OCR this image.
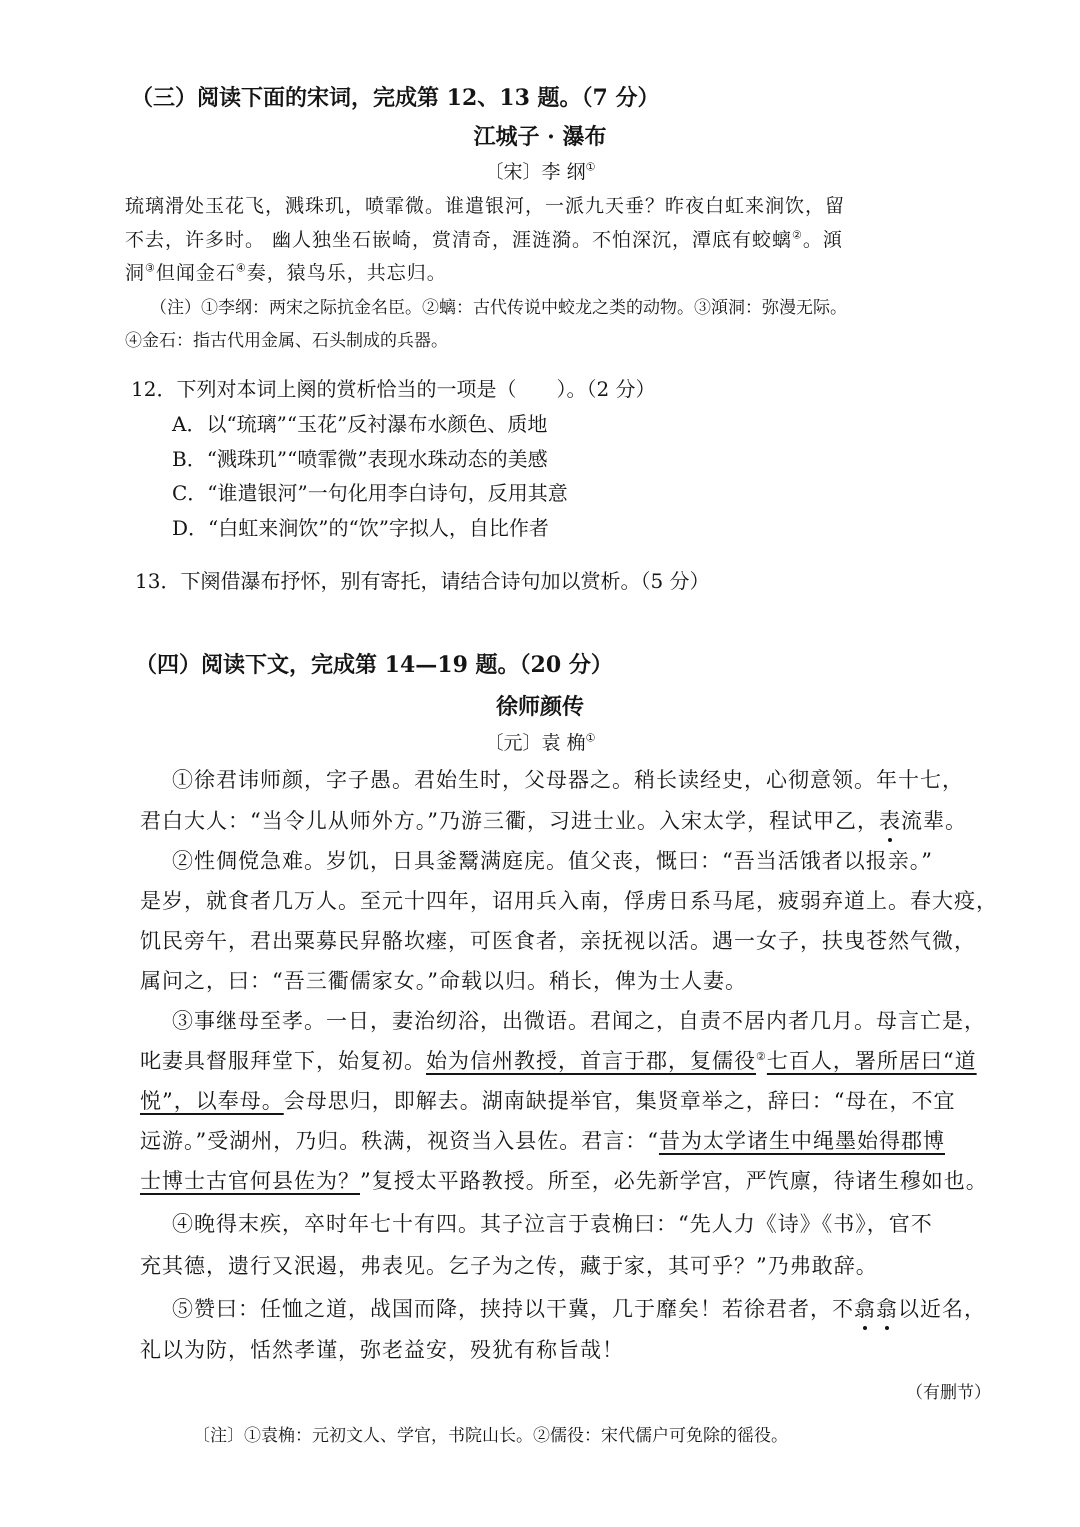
（三）阅读下面的宋词，完成第 12、13 题。（7 分）
江城子 · 瀑布
〔宋〕李 纲①
琉璃滑处玉花飞，溅珠玑，喷霏微。谁遣银河，一派九天垂？昨夜白虹来涧饮，留
不去，许多时。 幽人独坐石嵌崎，赏清奇，涯涟漪。不怕深沉，潭底有蛟螭②。澒
洞③但闻金石④奏，猿鸟乐，共忘归。
（注）①李纲：两宋之际抗金名臣。②螭：古代传说中蛟龙之类的动物。③澒洞：弥漫无际。
④金石：指古代用金属、石头制成的兵器。
12．下列对本词上阕的赏析恰当的一项是（　　）。（2 分）
A．以“琉璃”“玉花”反衬瀑布水颜色、质地
B．“溅珠玑”“喷霏微”表现水珠动态的美感
C．“谁遣银河”一句化用李白诗句，反用其意
D．“白虹来涧饮”的“饮”字拟人，自比作者
13．下阕借瀑布抒怀，别有寄托，请结合诗句加以赏析。（5 分）
（四）阅读下文，完成第 14—19 题。（20 分）
徐师颜传
〔元〕袁 桷①
①徐君讳师颜，字子愚。君始生时，父母器之。稍长读经史，心彻意领。年十七，
君白大人：“当令儿从师外方。”乃游三衢，习进士业。入宋太学，程试甲乙，表流辈。
②性倜傥急难。岁饥，日具釜鬵满庭庑。值父丧，慨曰：“吾当活饿者以报亲。”
是岁，就食者几万人。至元十四年，诏用兵入南，俘虏日系马尾，疲弱弃道上。春大疫，
饥民旁午，君出粟募民舁骼坎瘗，可医食者，亲抚视以活。遇一女子，扶曳苍然气微，
属问之，曰：“吾三衢儒家女。”命载以归。稍长，俾为士人妻。
③事继母至孝。一日，妻治纫浴，出微语。君闻之，自责不居内者几月。母言亡是，
叱妻具督服拜堂下，始复初。始为信州教授，首言于郡，复儒役②七百人，署所居曰“道
悦”，以奉母。会母思归，即解去。湖南缺提举官，集贤章举之，辞曰：“母在，不宜
远游。”受湖州，乃归。秩满，视资当入县佐。君言：“昔为太学诸生中绳墨始得郡博
士博士古官何县佐为？”复授太平路教授。所至，必先新学宫，严饩廪，待诸生穆如也。
④晚得末疾，卒时年七十有四。其子泣言于袁桷曰：“先人力《诗》《书》，官不
充其德，遗行又泯遏，弗表见。乞子为之传，藏于家，其可乎？”乃弗敢辞。
⑤赞曰：任恤之道，战国而降，挟持以干冀，几于靡矣！若徐君者，不翕翕以近名，
礼以为防，恬然孝谨，弥老益安，殁犹有称旨哉！
（有删节）
〔注〕①袁桷：元初文人、学官，书院山长。②儒役：宋代儒户可免除的徭役。
